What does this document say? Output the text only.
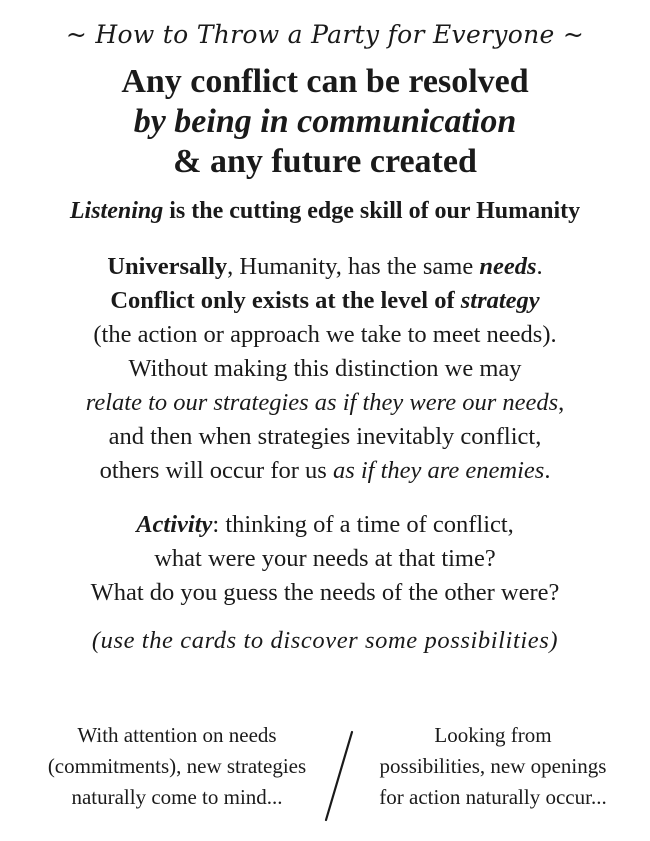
~ How to Throw a Party for Everyone ~
Any conflict can be resolved
by being in communication
& any future created
Listening is the cutting edge skill of our Humanity
Universally, Humanity, has the same needs.
Conflict only exists at the level of strategy
(the action or approach we take to meet needs).
Without making this distinction we may
relate to our strategies as if they were our needs,
and then when strategies inevitably conflict,
others will occur for us as if they are enemies.
Activity: thinking of a time of conflict,
what were your needs at that time?
What do you guess the needs of the other were?
(use the cards to discover some possibilities)
With attention on needs
(commitments), new strategies
naturally come to mind...
Looking from
possibilities, new openings
for action naturally occur...
